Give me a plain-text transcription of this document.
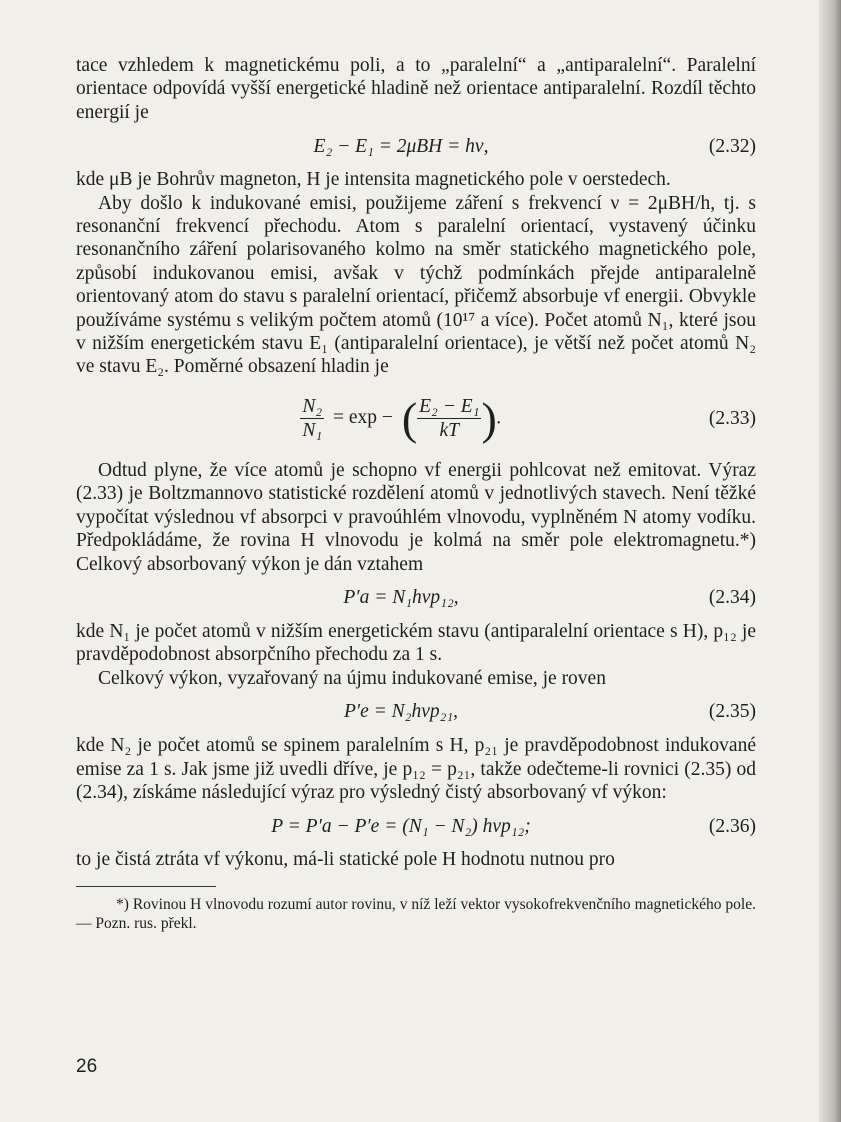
tace vzhledem k magnetickému poli, a to „paralelní“ a „antiparalelní“. Paralelní orientace odpovídá vyšší energetické hladině než orientace antiparalelní. Rozdíl těchto energií je

E₂ − E₁ = 2μBH = hν,	(2.32)

kde μB je Bohrův magneton, H je intensita magnetického pole v oerstedech.

Aby došlo k indukované emisi, použijeme záření s frekvencí ν = 2μBH/h, tj. s resonanční frekvencí přechodu. Atom s paralelní orientací, vystavený účinku resonančního záření polarisovaného kolmo na směr statického magnetického pole, způsobí indukovanou emisi, avšak v týchž podmínkách přejde antiparalelně orientovaný atom do stavu s paralelní orientací, přičemž absorbuje vf energii. Obvykle používáme systému s velikým počtem atomů (10¹⁷ a více). Počet atomů N₁, které jsou v nižším energetickém stavu E₁ (antiparalelní orientace), je větší než počet atomů N₂ ve stavu E₂. Poměrné obsazení hladin je

$\frac{\text{N₂}}{\text{N₁}} = \exp$ − ( $\frac{\text{E₂ − E₁}}{kT}$ ).	(2.33)

Odtud plyne, že více atomů je schopno vf energii pohlcovat než emitovat. Výraz (2.33) je Boltzmannovo statistické rozdělení atomů v jednotlivých stavech. Není těžké vypočítat výslednou vf absorpci v pravoúhlém vlnovodu, vyplněném N atomy vodíku. Předpokládáme, že rovina H vlnovodu je kolmá na směr pole elektromagnetu.*) Celkový absorbovaný výkon je dán vztahem

P′a = N₁hνp₁₂,	(2.34)

kde N₁ je počet atomů v nižším energetickém stavu (antiparalelní orientace s H), p₁₂ je pravděpodobnost absorpčního přechodu za 1 s.

Celkový výkon, vyzařovaný na újmu indukované emise, je roven

P′e = N₂hνp₂₁,	(2.35)

kde N₂ je počet atomů se spinem paralelním s H, p₂₁ je pravděpodobnost indukované emise za 1 s. Jak jsme již uvedli dříve, je p₁₂ = p₂₁, takže odečteme-li rovnici (2.35) od (2.34), získáme následující výraz pro výsledný čistý absorbovaný vf výkon:

P = P′a − P′e = (N₁ − N₂) hνp₁₂;	(2.36)

to je čistá ztráta vf výkonu, má-li statické pole H hodnotu nutnou pro

*) Rovinou H vlnovodu rozumí autor rovinu, v níž leží vektor vysokofrekvenčního magnetického pole. — Pozn. rus. překl.

26
